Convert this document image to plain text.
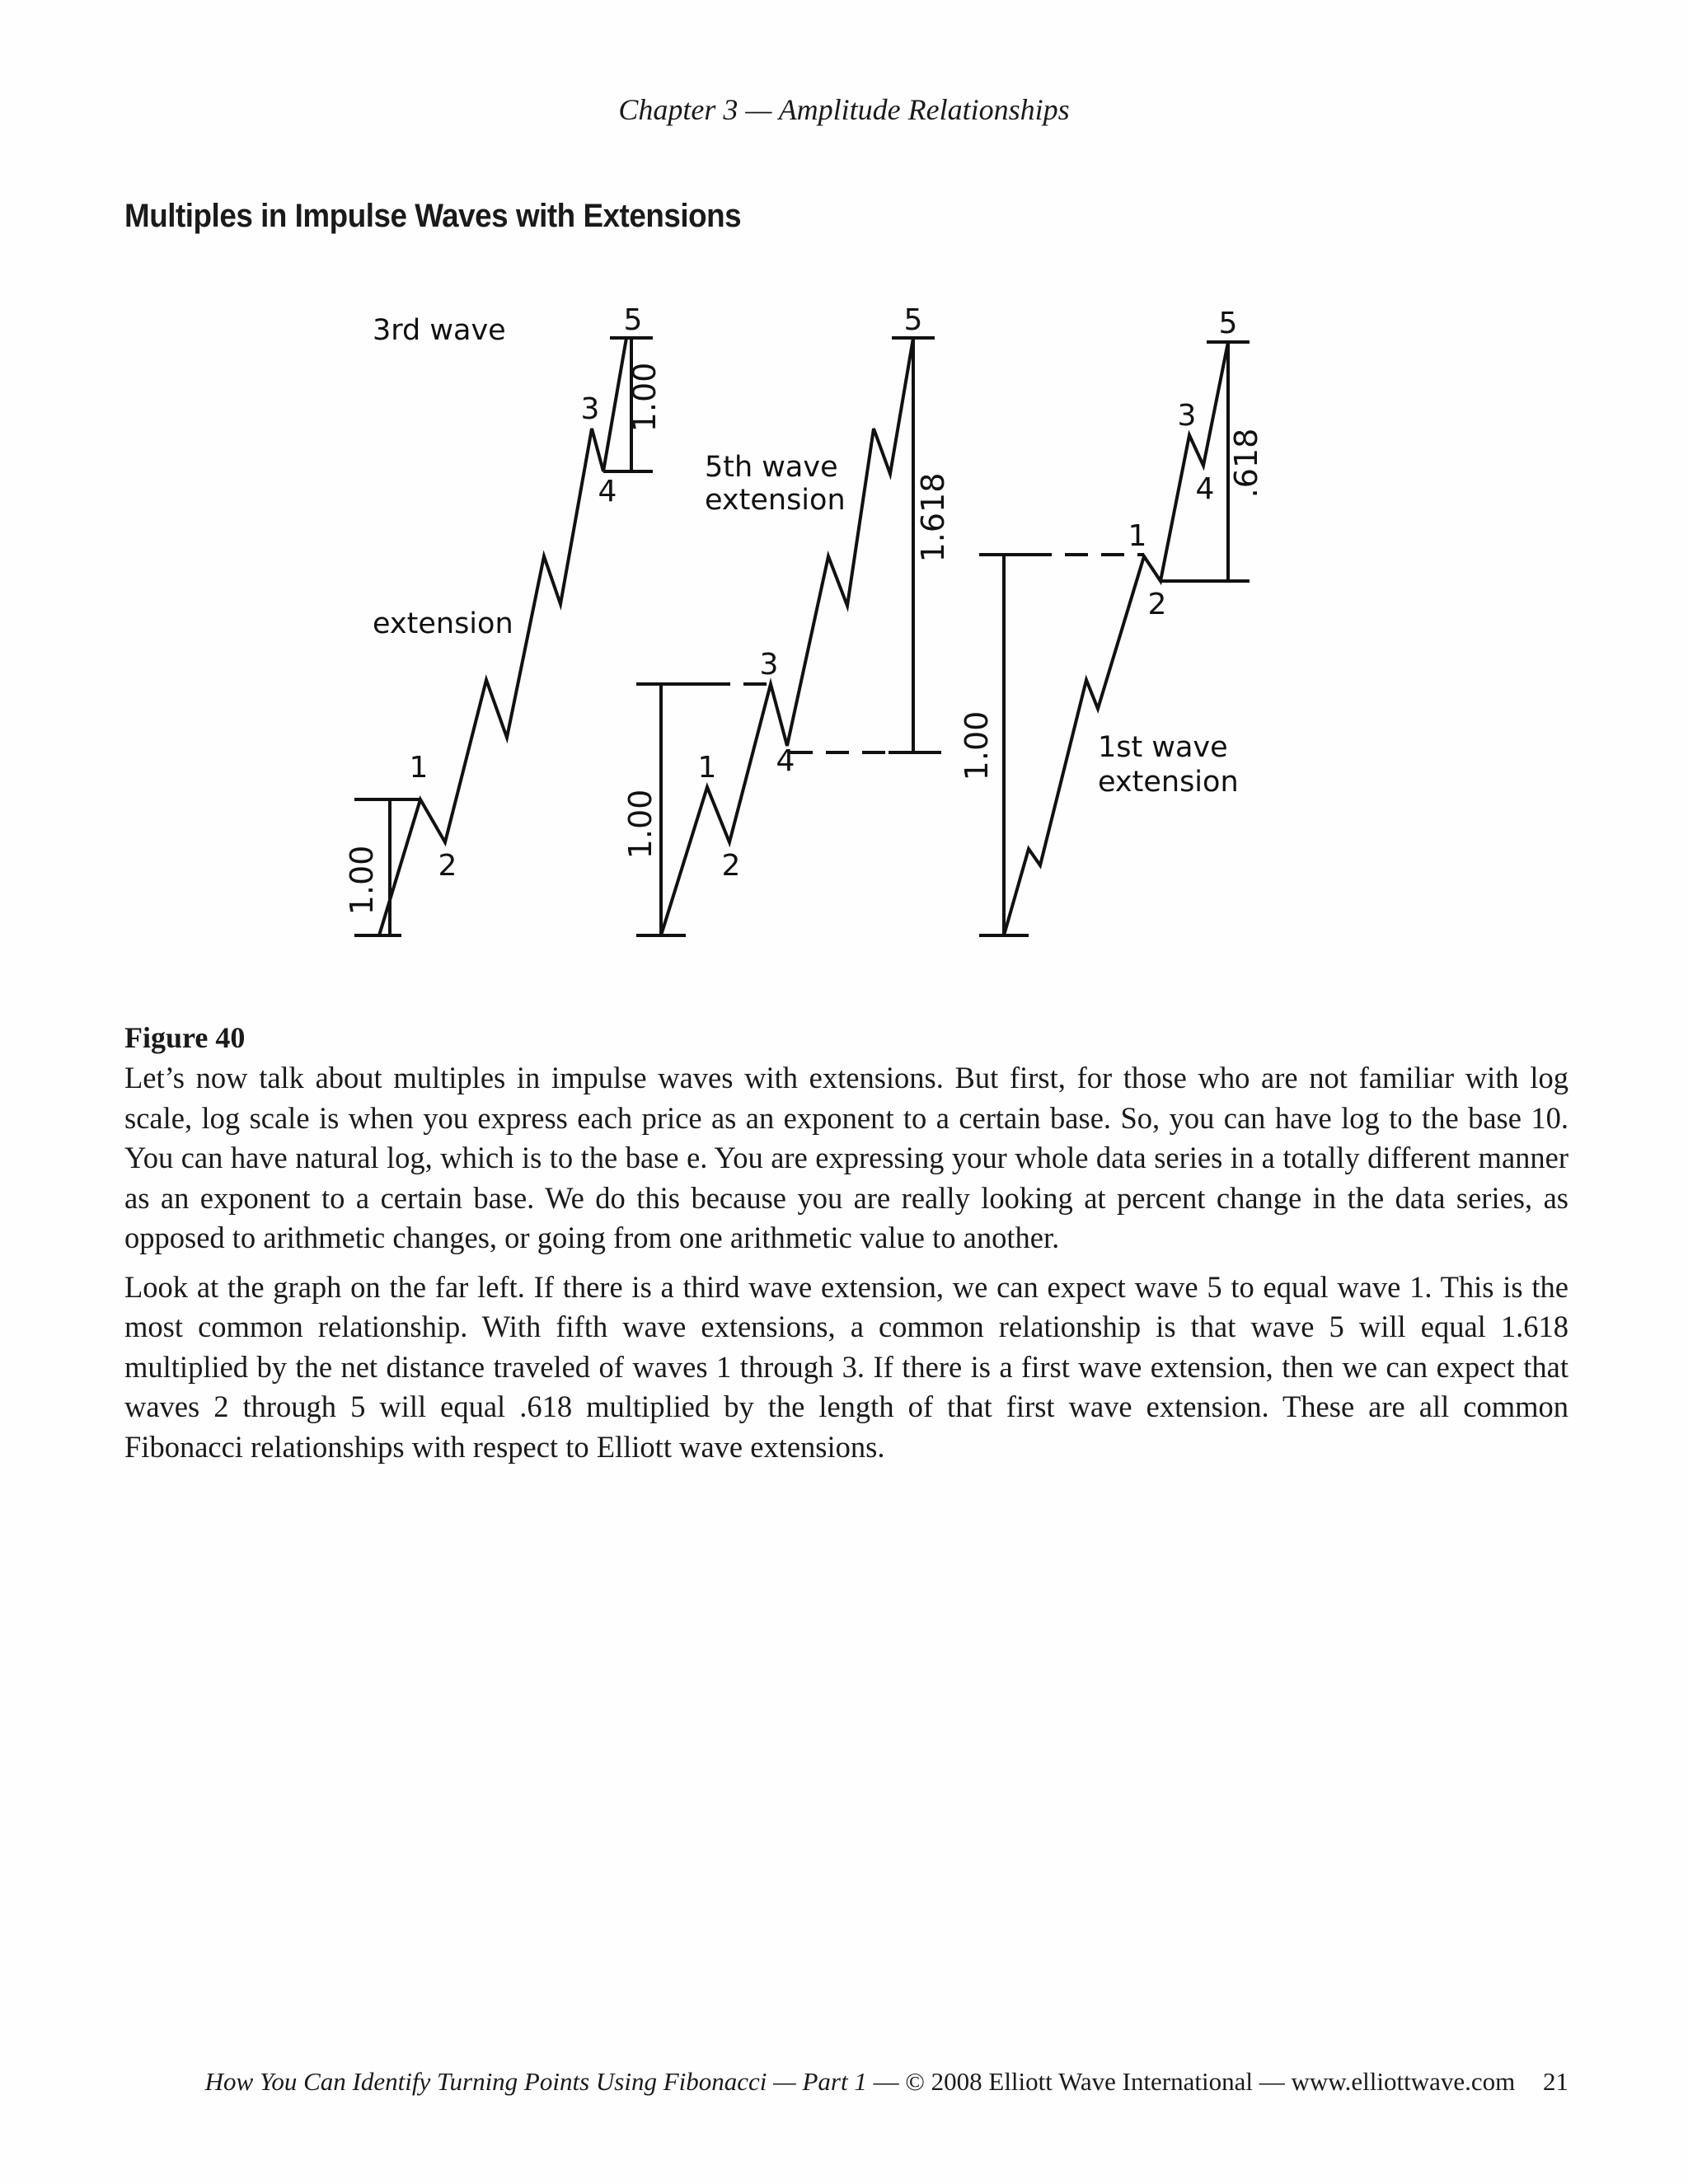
Chapter 3 — Amplitude Relationships
Multiples in Impulse Waves with Extensions
1.00
1.00
3rd wave
extension
1
2
3
4
5
1.00
1.618
5th wave
extension
1
2
3
4
5
1.00
.618
1st wave
extension
1
2
3
4
5
Figure 40

Let’s now talk about multiples in impulse waves with extensions. But first, for those who are not familiar with log scale, log scale is when you express each price as an exponent to a certain base. So, you can have log to the base 10. You can have natural log, which is to the base e. You are expressing your whole data series in a totally different manner as an exponent to a certain base. We do this because you are really looking at percent change in the data series, as opposed to arithmetic changes, or going from one arithmetic value to another.

Look at the graph on the far left. If there is a third wave extension, we can expect wave 5 to equal wave 1. This is the most common relationship. With fifth wave extensions, a common relationship is that wave 5 will equal 1.618 multiplied by the net distance traveled of waves 1 through 3. If there is a first wave extension, then we can expect that waves 2 through 5 will equal .618 multiplied by the length of that first wave extension. These are all common Fibonacci relationships with respect to Elliott wave extensions.

How You Can Identify Turning Points Using Fibonacci — Part 1 — © 2008 Elliott Wave International — www.elliottwave.com 21
